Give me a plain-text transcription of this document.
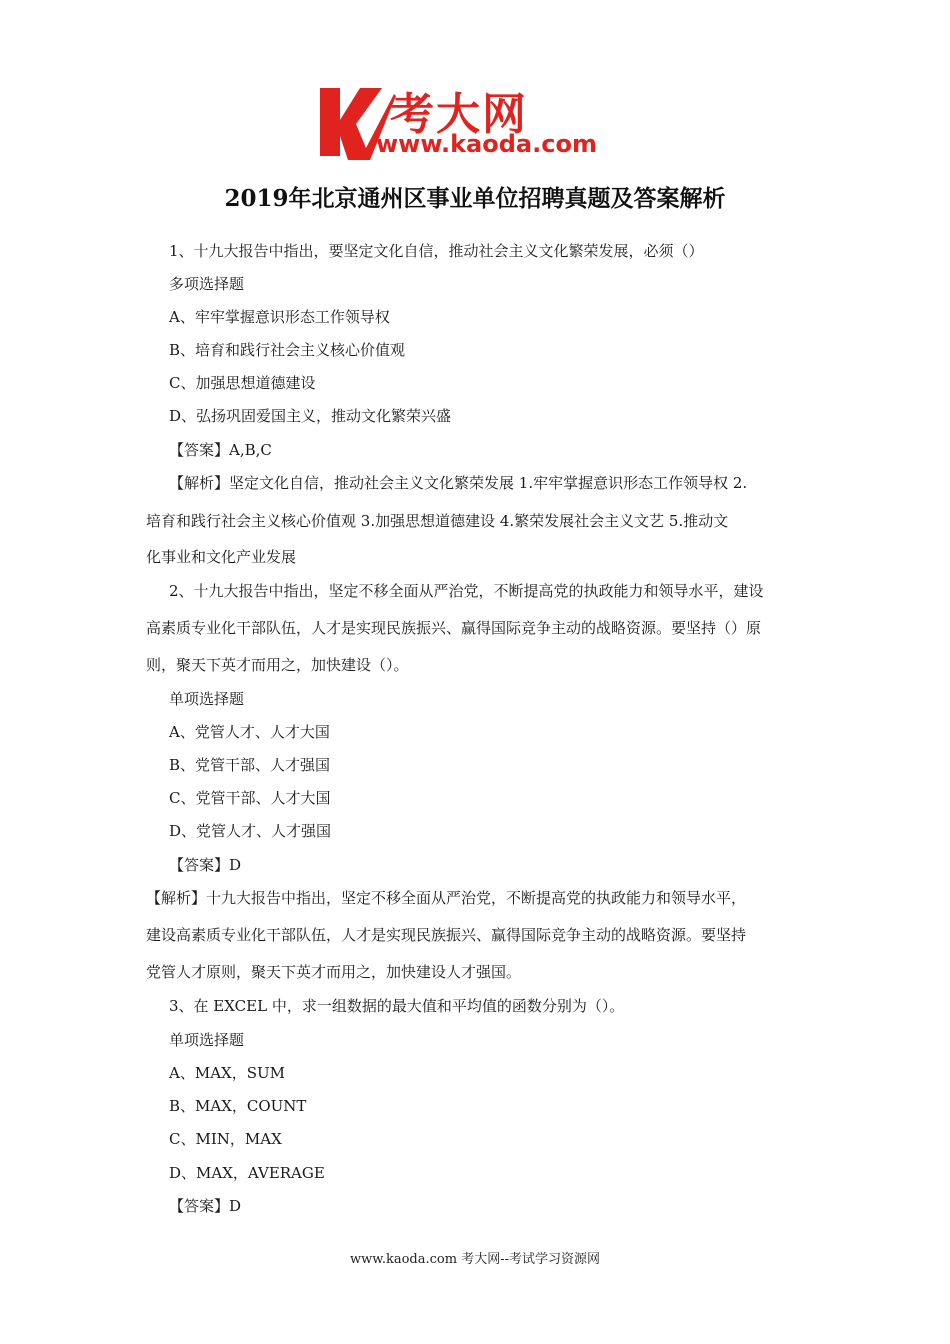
考大网
www.kaoda.com
2019年北京通州区事业单位招聘真题及答案解析
1、十九大报告中指出，要坚定文化自信，推动社会主义文化繁荣发展，必须（）
多项选择题
A、牢牢掌握意识形态工作领导权
B、培育和践行社会主义核心价值观
C、加强思想道德建设
D、弘扬巩固爱国主义，推动文化繁荣兴盛
【答案】A,B,C
【解析】坚定文化自信，推动社会主义文化繁荣发展 1.牢牢掌握意识形态工作领导权 2.
培育和践行社会主义核心价值观 3.加强思想道德建设 4.繁荣发展社会主义文艺 5.推动文
化事业和文化产业发展
2、十九大报告中指出，坚定不移全面从严治党，不断提高党的执政能力和领导水平，建设
高素质专业化干部队伍，人才是实现民族振兴、赢得国际竞争主动的战略资源。要坚持（）原
则，聚天下英才而用之，加快建设（）。
单项选择题
A、党管人才、人才大国
B、党管干部、人才强国
C、党管干部、人才大国
D、党管人才、人才强国
【答案】D
【解析】十九大报告中指出，坚定不移全面从严治党，不断提高党的执政能力和领导水平，
建设高素质专业化干部队伍，人才是实现民族振兴、赢得国际竞争主动的战略资源。要坚持
党管人才原则，聚天下英才而用之，加快建设人才强国。
3、在 EXCEL 中，求一组数据的最大值和平均值的函数分别为（）。
单项选择题
A、MAX，SUM
B、MAX，COUNT
C、MIN，MAX
D、MAX，AVERAGE
【答案】D
www.kaoda.com 考大网--考试学习资源网
